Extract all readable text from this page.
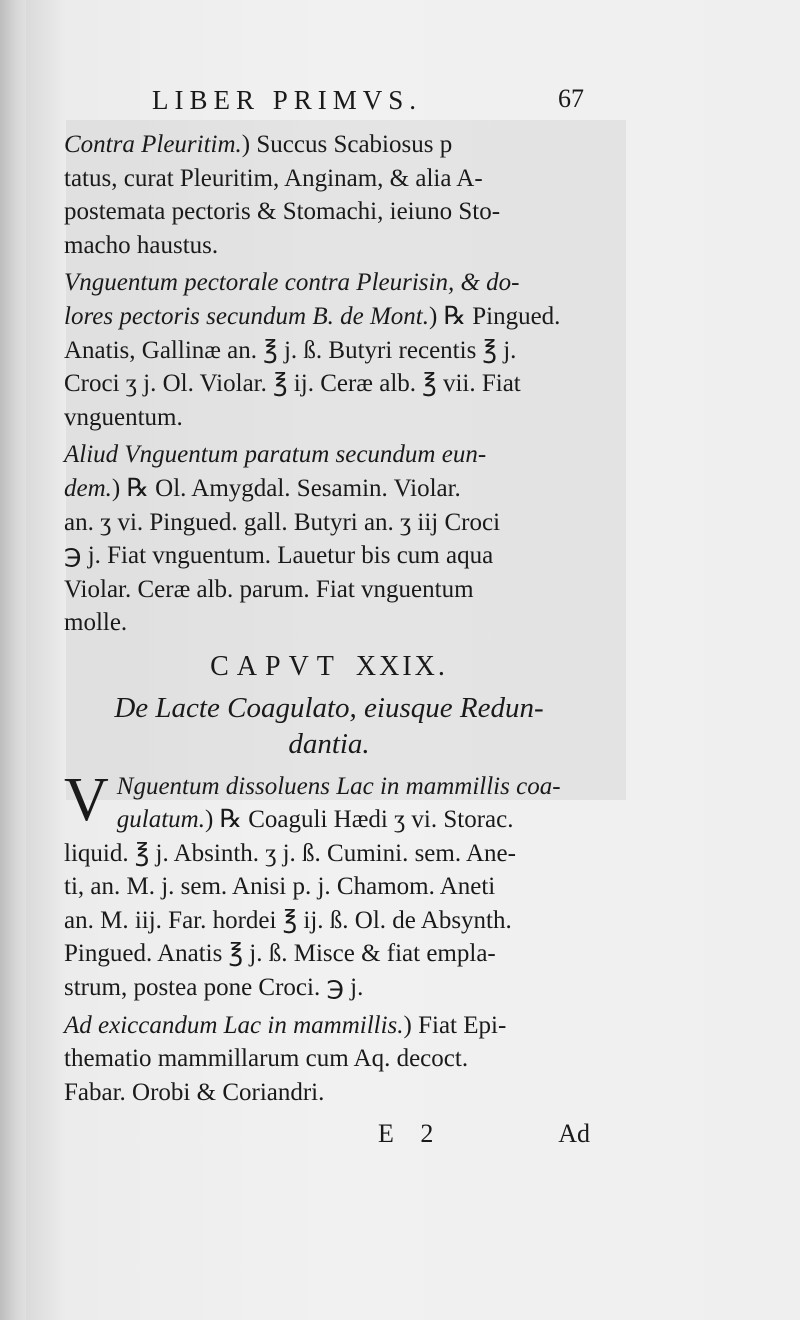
LIBER PRIMVS.	67

Contra Pleuritim.) Succus Scabiosus p
tatus, curat Pleuritim, Anginam, & alia A-
postemata pectoris & Stomachi, ieiuno Sto-
macho haustus.

Vnguentum pectorale contra Pleurisin, & do-
lores pectoris secundum B. de Mont.) ℞ Pingued.
Anatis, Gallinæ an. ℥ j. ß. Butyri recentis ℥ j.
Croci ʒ j. Ol. Violar. ℥ ij. Ceræ alb. ℥ vii. Fiat
vnguentum.

Aliud Vnguentum paratum secundum eun-
dem.) ℞ Ol. Amygdal. Sesamin. Violar.
an. ʒ vi. Pingued. gall. Butyri an. ʒ iij Croci
℈ j. Fiat vnguentum. Lauetur bis cum aqua
Violar. Ceræ alb. parum. Fiat vnguentum
molle.

CAPVT XXIX.
De Lacte Coagulato, eiusque Redun-
dantia.

V Nguentum dissoluens Lac in mammillis coa-
gulatum.) ℞ Coaguli Hædi ʒ vi. Storac.
liquid. ℥ j. Absinth. ʒ j. ß. Cumini. sem. Ane-
ti, an. M. j. sem. Anisi p. j. Chamom. Aneti
an. M. iij. Far. hordei ℥ ij. ß. Ol. de Absynth.
Pingued. Anatis ℥ j. ß. Misce & fiat empla-
strum, postea pone Croci. ℈ j.

Ad exiccandum Lac in mammillis.) Fiat Epi-
thematio mammillarum cum Aq. decoct.
Fabar. Orobi & Coriandri.

E 2	Ad
